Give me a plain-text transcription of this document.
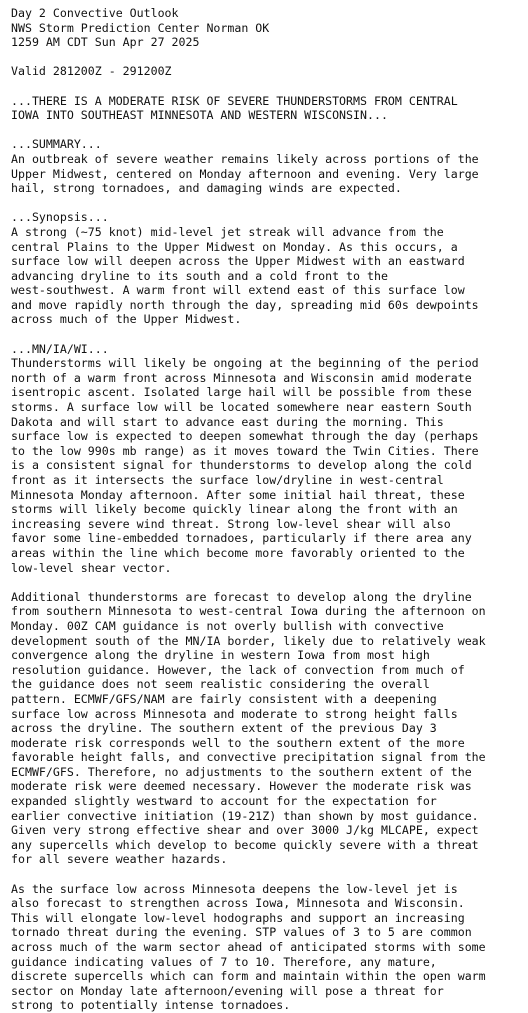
Day 2 Convective Outlook
NWS Storm Prediction Center Norman OK
1259 AM CDT Sun Apr 27 2025
Valid 281200Z - 291200Z
...THERE IS A MODERATE RISK OF SEVERE THUNDERSTORMS FROM CENTRAL
IOWA INTO SOUTHEAST MINNESOTA AND WESTERN WISCONSIN...
...SUMMARY...
An outbreak of severe weather remains likely across portions of the
Upper Midwest, centered on Monday afternoon and evening. Very large
hail, strong tornadoes, and damaging winds are expected.
...Synopsis...
A strong (~75 knot) mid-level jet streak will advance from the
central Plains to the Upper Midwest on Monday. As this occurs, a
surface low will deepen across the Upper Midwest with an eastward
advancing dryline to its south and a cold front to the
west-southwest. A warm front will extend east of this surface low
and move rapidly north through the day, spreading mid 60s dewpoints
across much of the Upper Midwest.
...MN/IA/WI...
Thunderstorms will likely be ongoing at the beginning of the period
north of a warm front across Minnesota and Wisconsin amid moderate
isentropic ascent. Isolated large hail will be possible from these
storms. A surface low will be located somewhere near eastern South
Dakota and will start to advance east during the morning. This
surface low is expected to deepen somewhat through the day (perhaps
to the low 990s mb range) as it moves toward the Twin Cities. There
is a consistent signal for thunderstorms to develop along the cold
front as it intersects the surface low/dryline in west-central
Minnesota Monday afternoon. After some initial hail threat, these
storms will likely become quickly linear along the front with an
increasing severe wind threat. Strong low-level shear will also
favor some line-embedded tornadoes, particularly if there area any
areas within the line which become more favorably oriented to the
low-level shear vector.
Additional thunderstorms are forecast to develop along the dryline
from southern Minnesota to west-central Iowa during the afternoon on
Monday. 00Z CAM guidance is not overly bullish with convective
development south of the MN/IA border, likely due to relatively weak
convergence along the dryline in western Iowa from most high
resolution guidance. However, the lack of convection from much of
the guidance does not seem realistic considering the overall
pattern. ECMWF/GFS/NAM are fairly consistent with a deepening
surface low across Minnesota and moderate to strong height falls
across the dryline. The southern extent of the previous Day 3
moderate risk corresponds well to the southern extent of the more
favorable height falls, and convective precipitation signal from the
ECMWF/GFS. Therefore, no adjustments to the southern extent of the
moderate risk were deemed necessary. However the moderate risk was
expanded slightly westward to account for the expectation for
earlier convective initiation (19-21Z) than shown by most guidance.
Given very strong effective shear and over 3000 J/kg MLCAPE, expect
any supercells which develop to become quickly severe with a threat
for all severe weather hazards.
As the surface low across Minnesota deepens the low-level jet is
also forecast to strengthen across Iowa, Minnesota and Wisconsin.
This will elongate low-level hodographs and support an increasing
tornado threat during the evening. STP values of 3 to 5 are common
across much of the warm sector ahead of anticipated storms with some
guidance indicating values of 7 to 10. Therefore, any mature,
discrete supercells which can form and maintain within the open warm
sector on Monday late afternoon/evening will pose a threat for
strong to potentially intense tornadoes.
